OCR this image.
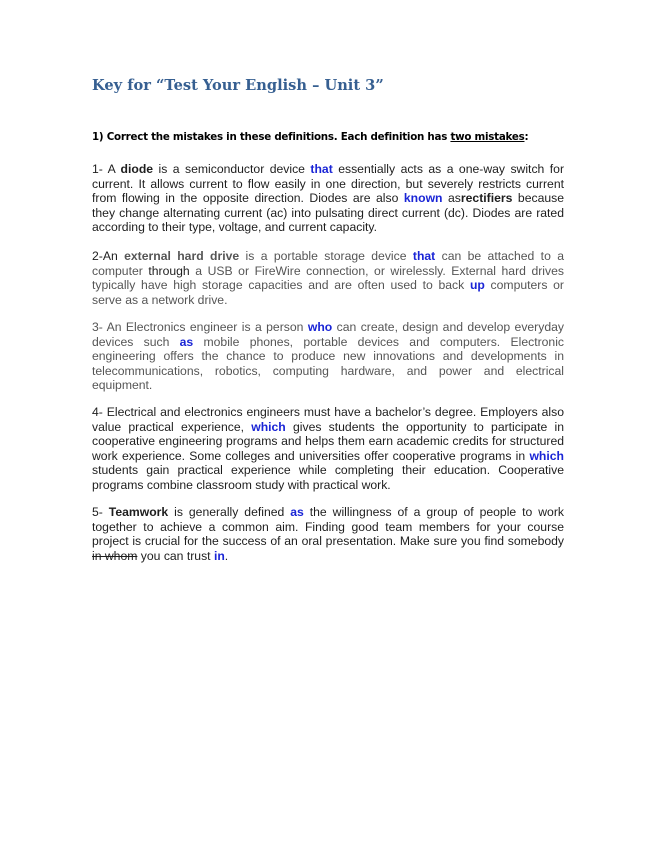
Key for “Test Your English – Unit 3”
1) Correct the mistakes in these definitions. Each definition has two mistakes:
1- A diode is a semiconductor device that essentially acts as a one-way switch for current. It allows current to flow easily in one direction, but severely restricts current from flowing in the opposite direction. Diodes are also known asrectifiers because they change alternating current (ac) into pulsating direct current (dc). Diodes are rated according to their type, voltage, and current capacity.
2-An external hard drive is a portable storage device that can be attached to a computer through a USB or FireWire connection, or wirelessly. External hard drives typically have high storage capacities and are often used to back up computers or serve as a network drive.
3- An Electronics engineer is a person who can create, design and develop everyday devices such as mobile phones, portable devices and computers. Electronic engineering offers the chance to produce new innovations and developments in telecommunications, robotics, computing hardware, and power and electrical equipment.
4- Electrical and electronics engineers must have a bachelor’s degree. Employers also value practical experience, which gives students the opportunity to participate in cooperative engineering programs and helps them earn academic credits for structured work experience. Some colleges and universities offer cooperative programs in which students gain practical experience while completing their education. Cooperative programs combine classroom study with practical work.
5- Teamwork is generally defined as the willingness of a group of people to work together to achieve a common aim. Finding good team members for your course project is crucial for the success of an oral presentation. Make sure you find somebody in whom you can trust in.
